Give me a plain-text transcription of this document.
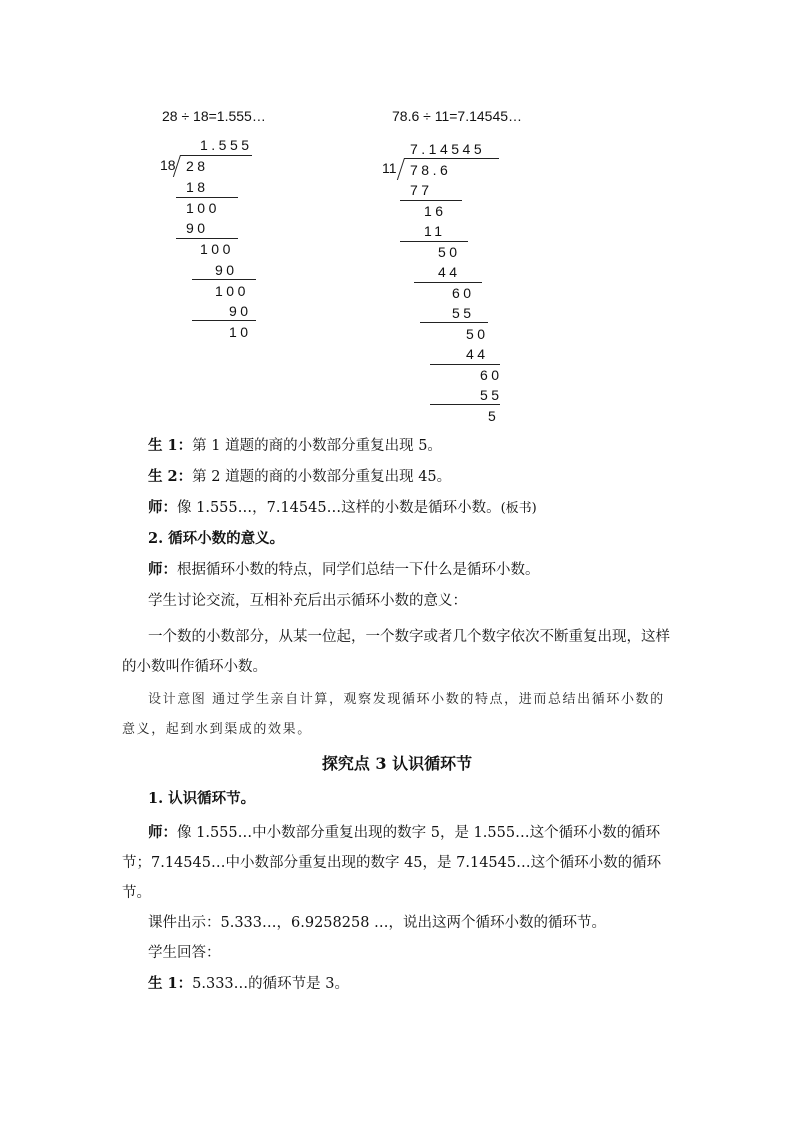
28 ÷ 18=1.555…
1.555
18 28
18
100
90
100
90
100
90
10
78.6 ÷ 11=7.14545…
7.14545
11 78.6
77
16
11
50
44
60
55
50
44
60
55
5
生 1：第 1 道题的商的小数部分重复出现 5。
生 2：第 2 道题的商的小数部分重复出现 45。
师：像 1.555…，7.14545…这样的小数是循环小数。(板书)
2. 循环小数的意义。
师：根据循环小数的特点，同学们总结一下什么是循环小数。
学生讨论交流，互相补充后出示循环小数的意义：
一个数的小数部分，从某一位起，一个数字或者几个数字依次不断重复出现，这样的小数叫作循环小数。
设计意图 通过学生亲自计算，观察发现循环小数的特点，进而总结出循环小数的意义，起到水到渠成的效果。
探究点 3 认识循环节
1. 认识循环节。
师：像 1.555…中小数部分重复出现的数字 5，是 1.555…这个循环小数的循环节；7.14545…中小数部分重复出现的数字 45，是 7.14545…这个循环小数的循环节。
课件出示：5.333…，6.9258258 …，说出这两个循环小数的循环节。
学生回答：
生 1：5.333…的循环节是 3。
